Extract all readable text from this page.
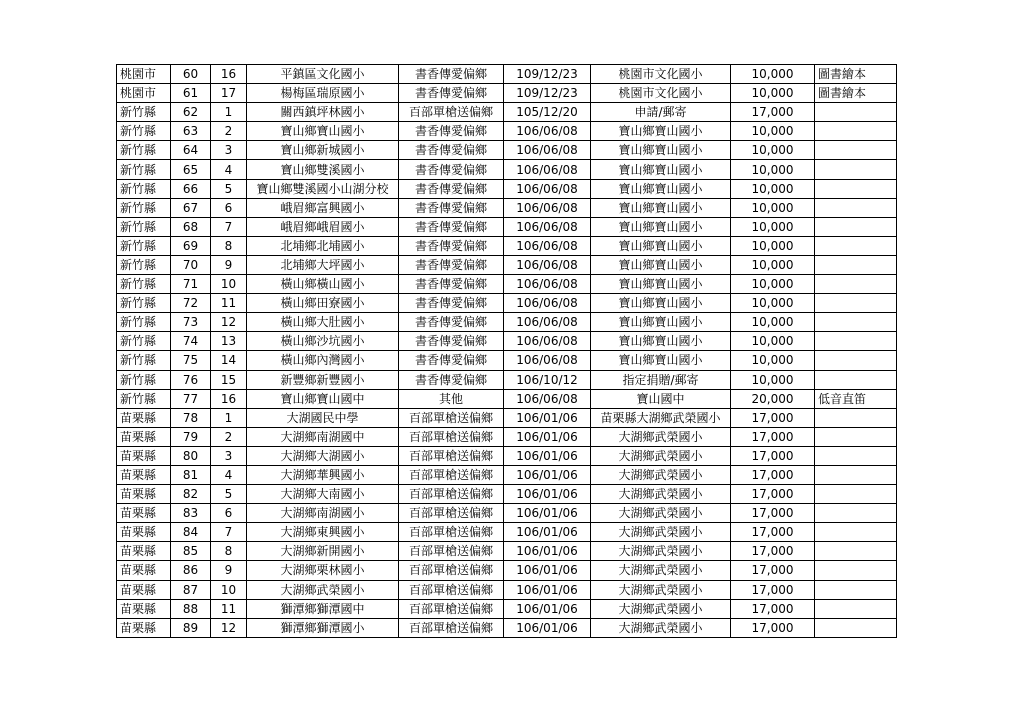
桃園市	60	16	平鎮區文化國小	書香傳愛偏鄉	109/12/23	桃園市文化國小	10,000	圖書繪本
桃園市	61	17	楊梅區瑞原國小	書香傳愛偏鄉	109/12/23	桃園市文化國小	10,000	圖書繪本
新竹縣	62	1	關西鎮坪林國小	百部單槍送偏鄉	105/12/20	申請/郵寄	17,000	
新竹縣	63	2	寶山鄉寶山國小	書香傳愛偏鄉	106/06/08	寶山鄉寶山國小	10,000	
新竹縣	64	3	寶山鄉新城國小	書香傳愛偏鄉	106/06/08	寶山鄉寶山國小	10,000	
新竹縣	65	4	寶山鄉雙溪國小	書香傳愛偏鄉	106/06/08	寶山鄉寶山國小	10,000	
新竹縣	66	5	寶山鄉雙溪國小山湖分校	書香傳愛偏鄉	106/06/08	寶山鄉寶山國小	10,000	
新竹縣	67	6	峨眉鄉富興國小	書香傳愛偏鄉	106/06/08	寶山鄉寶山國小	10,000	
新竹縣	68	7	峨眉鄉峨眉國小	書香傳愛偏鄉	106/06/08	寶山鄉寶山國小	10,000	
新竹縣	69	8	北埔鄉北埔國小	書香傳愛偏鄉	106/06/08	寶山鄉寶山國小	10,000	
新竹縣	70	9	北埔鄉大坪國小	書香傳愛偏鄉	106/06/08	寶山鄉寶山國小	10,000	
新竹縣	71	10	橫山鄉橫山國小	書香傳愛偏鄉	106/06/08	寶山鄉寶山國小	10,000	
新竹縣	72	11	橫山鄉田寮國小	書香傳愛偏鄉	106/06/08	寶山鄉寶山國小	10,000	
新竹縣	73	12	橫山鄉大肚國小	書香傳愛偏鄉	106/06/08	寶山鄉寶山國小	10,000	
新竹縣	74	13	橫山鄉沙坑國小	書香傳愛偏鄉	106/06/08	寶山鄉寶山國小	10,000	
新竹縣	75	14	橫山鄉內灣國小	書香傳愛偏鄉	106/06/08	寶山鄉寶山國小	10,000	
新竹縣	76	15	新豐鄉新豐國小	書香傳愛偏鄉	106/10/12	指定捐贈/郵寄	10,000	
新竹縣	77	16	寶山鄉寶山國中	其他	106/06/08	寶山國中	20,000	低音直笛
苗栗縣	78	1	大湖國民中學	百部單槍送偏鄉	106/01/06	苗栗縣大湖鄉武榮國小	17,000	
苗栗縣	79	2	大湖鄉南湖國中	百部單槍送偏鄉	106/01/06	大湖鄉武榮國小	17,000	
苗栗縣	80	3	大湖鄉大湖國小	百部單槍送偏鄉	106/01/06	大湖鄉武榮國小	17,000	
苗栗縣	81	4	大湖鄉華興國小	百部單槍送偏鄉	106/01/06	大湖鄉武榮國小	17,000	
苗栗縣	82	5	大湖鄉大南國小	百部單槍送偏鄉	106/01/06	大湖鄉武榮國小	17,000	
苗栗縣	83	6	大湖鄉南湖國小	百部單槍送偏鄉	106/01/06	大湖鄉武榮國小	17,000	
苗栗縣	84	7	大湖鄉東興國小	百部單槍送偏鄉	106/01/06	大湖鄉武榮國小	17,000	
苗栗縣	85	8	大湖鄉新開國小	百部單槍送偏鄉	106/01/06	大湖鄉武榮國小	17,000	
苗栗縣	86	9	大湖鄉栗林國小	百部單槍送偏鄉	106/01/06	大湖鄉武榮國小	17,000	
苗栗縣	87	10	大湖鄉武榮國小	百部單槍送偏鄉	106/01/06	大湖鄉武榮國小	17,000	
苗栗縣	88	11	獅潭鄉獅潭國中	百部單槍送偏鄉	106/01/06	大湖鄉武榮國小	17,000	
苗栗縣	89	12	獅潭鄉獅潭國小	百部單槍送偏鄉	106/01/06	大湖鄉武榮國小	17,000	
